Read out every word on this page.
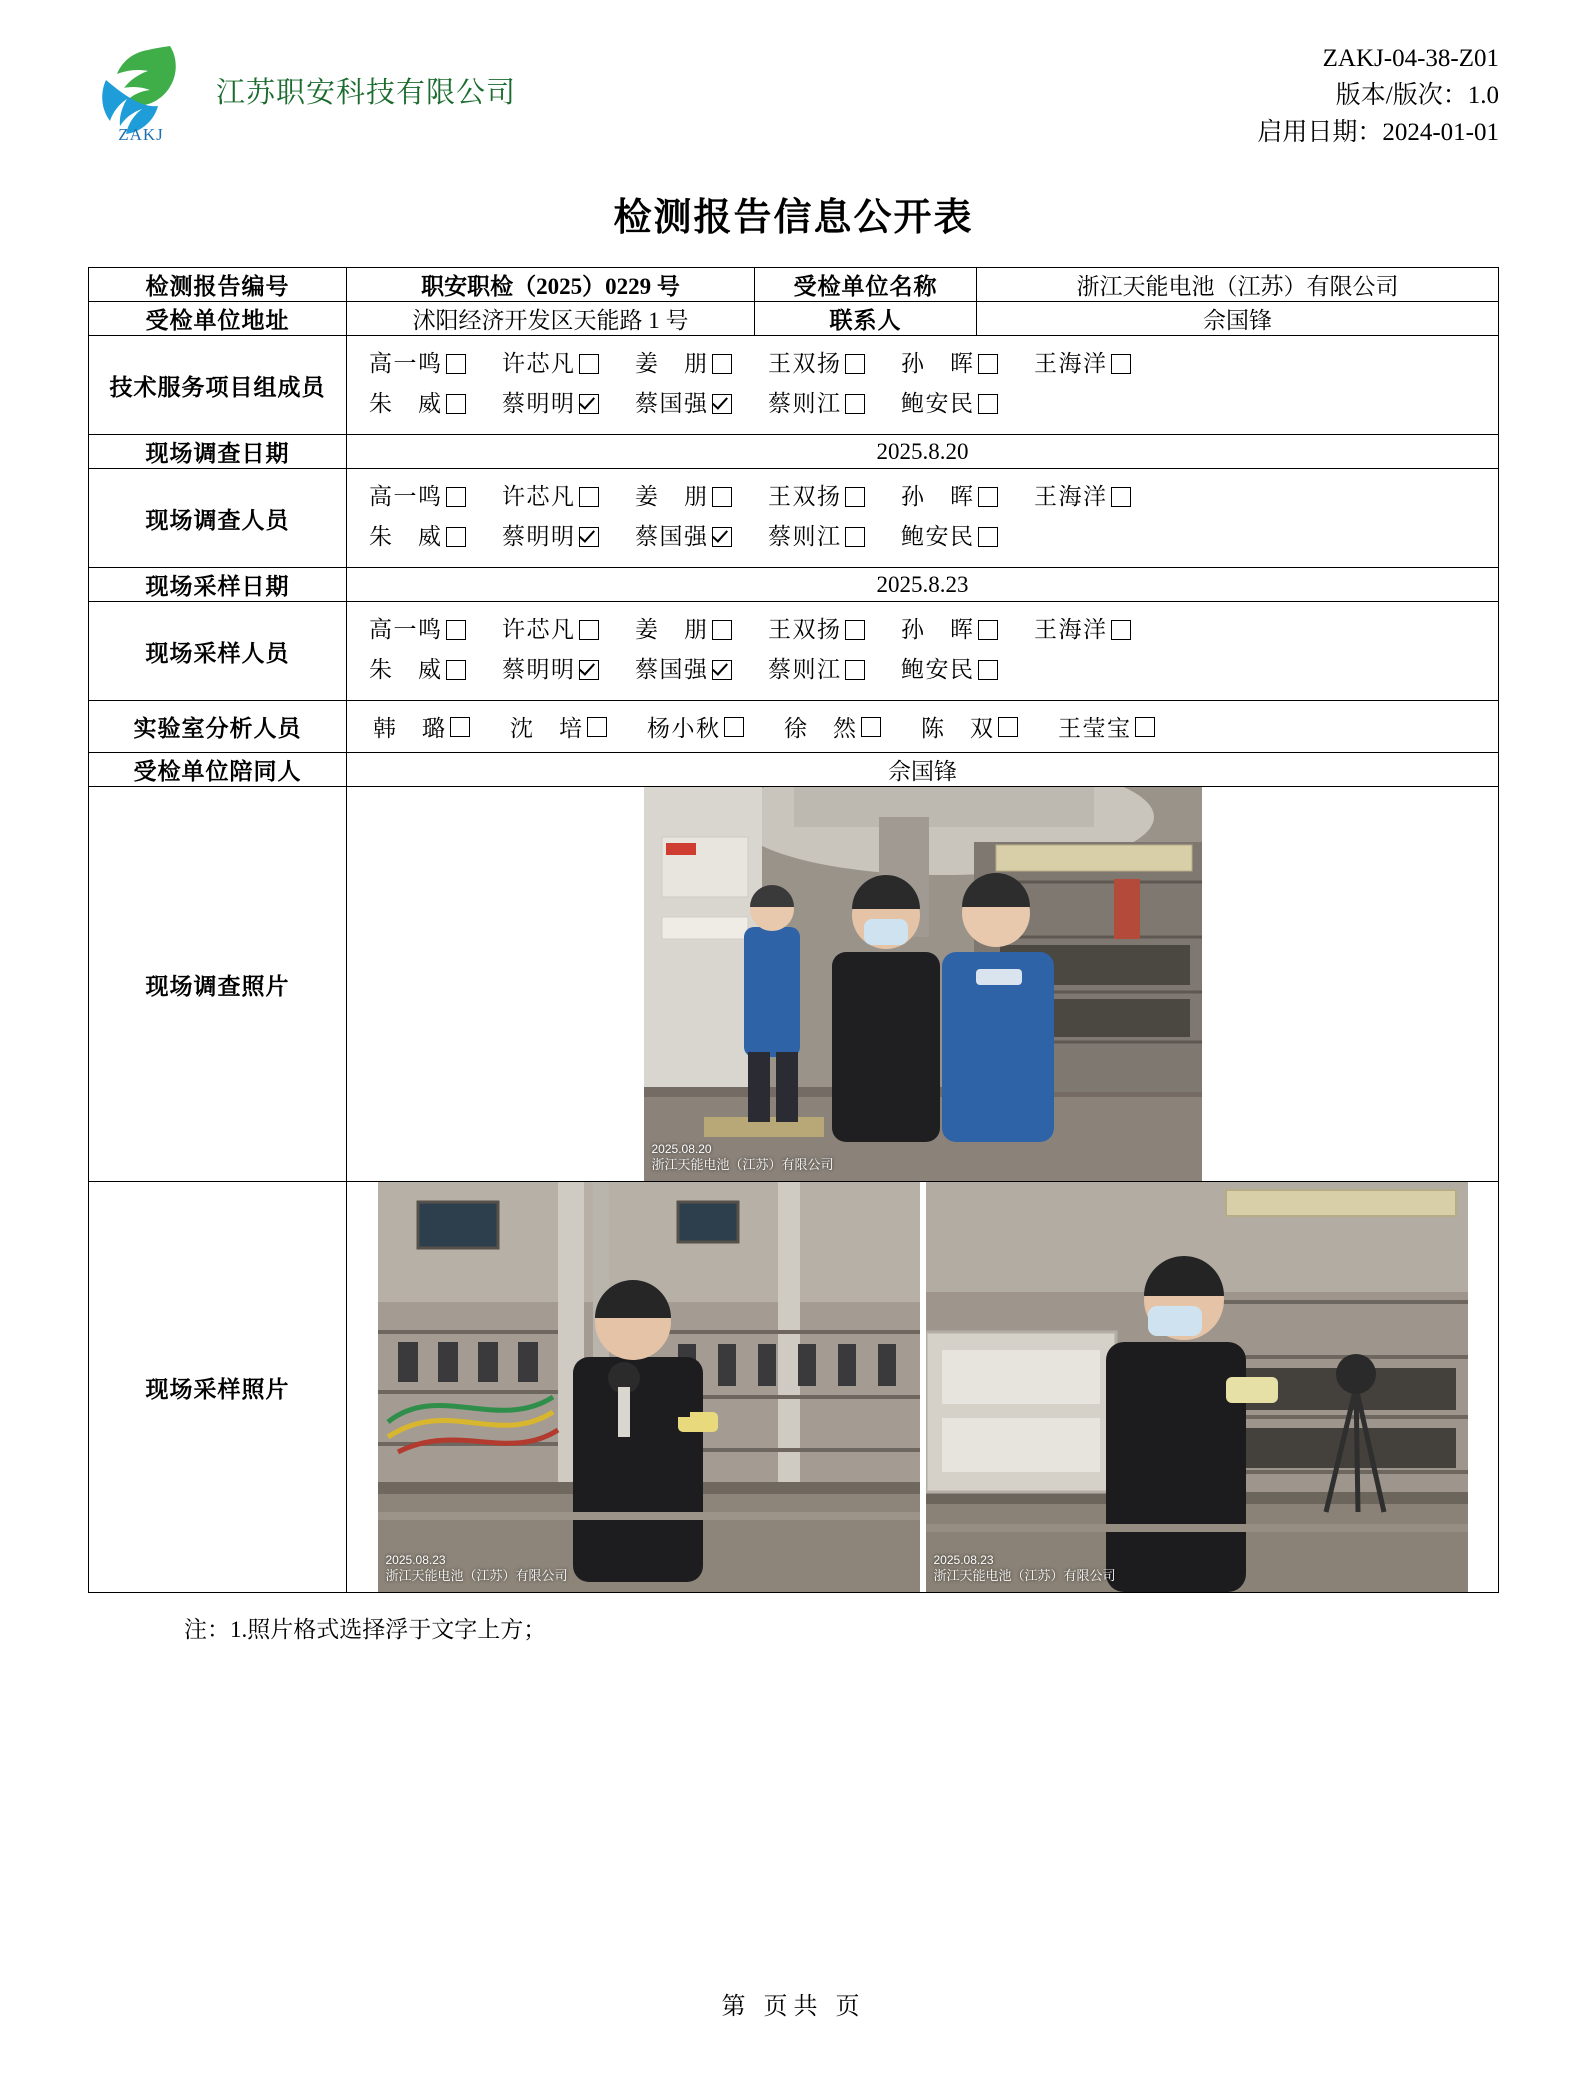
ZAKJ
江苏职安科技有限公司
ZAKJ-04-38-Z01
版本/版次：1.0
启用日期：2024-01-01
检测报告信息公开表
检测报告编号	职安职检（2025）0229 号	受检单位名称	浙江天能电池（江苏）有限公司
受检单位地址	沭阳经济开发区天能路 1 号	联系人	佘国锋
技术服务项目组成员	
高一鸣	许芯凡	姜朋	王双扬	孙晖	王海洋
朱威	蔡明明	蔡国强	蔡则江	鲍安民

现场调查日期	2025.8.20		
现场调查人员	
高一鸣	许芯凡	姜朋	王双扬	孙晖	王海洋
朱威	蔡明明	蔡国强	蔡则江	鲍安民

现场采样日期	2025.8.23		
现场采样人员	
高一鸣	许芯凡	姜朋	王双扬	孙晖	王海洋
朱威	蔡明明	蔡国强	蔡则江	鲍安民

实验室分析人员	韩璐	沈培	杨小秋	徐然	陈双	王莹宝

受检单位陪同人	佘国锋		
现场调查照片	2025.08.20
浙江天能电池（江苏）有限公司		

现场采样照片	2025.08.23
浙江天能电池（江苏）有限公司
2025.08.23
浙江天能电池（江苏）有限公司		
注：1.照片格式选择浮于文字上方；
第 页共 页
